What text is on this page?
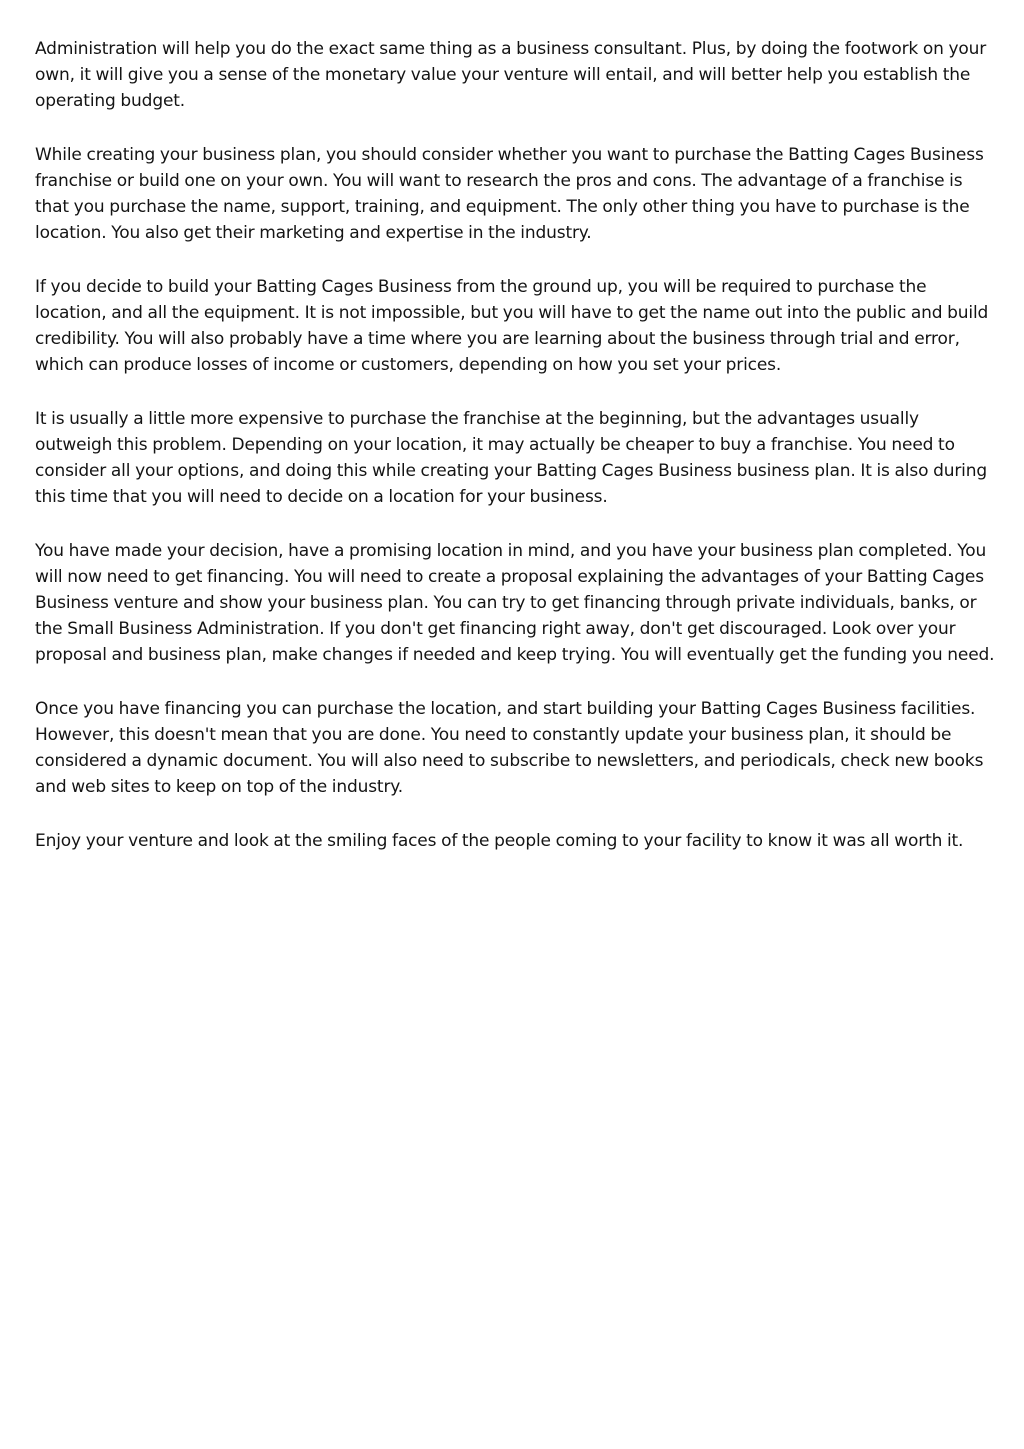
Administration will help you do the exact same thing as a business consultant. Plus, by doing the footwork on your own, it will give you a sense of the monetary value your venture will entail, and will better help you establish the operating budget.

While creating your business plan, you should consider whether you want to purchase the Batting Cages Business franchise or build one on your own. You will want to research the pros and cons. The advantage of a franchise is that you purchase the name, support, training, and equipment. The only other thing you have to purchase is the location. You also get their marketing and expertise in the industry.

If you decide to build your Batting Cages Business from the ground up, you will be required to purchase the location, and all the equipment. It is not impossible, but you will have to get the name out into the public and build credibility. You will also probably have a time where you are learning about the business through trial and error, which can produce losses of income or customers, depending on how you set your prices.

It is usually a little more expensive to purchase the franchise at the beginning, but the advantages usually outweigh this problem. Depending on your location, it may actually be cheaper to buy a franchise. You need to consider all your options, and doing this while creating your Batting Cages Business business plan. It is also during this time that you will need to decide on a location for your business.

You have made your decision, have a promising location in mind, and you have your business plan completed. You will now need to get financing. You will need to create a proposal explaining the advantages of your Batting Cages Business venture and show your business plan. You can try to get financing through private individuals, banks, or the Small Business Administration. If you don't get financing right away, don't get discouraged. Look over your proposal and business plan, make changes if needed and keep trying. You will eventually get the funding you need.

Once you have financing you can purchase the location, and start building your Batting Cages Business facilities. However, this doesn't mean that you are done. You need to constantly update your business plan, it should be considered a dynamic document. You will also need to subscribe to newsletters, and periodicals, check new books and web sites to keep on top of the industry.

Enjoy your venture and look at the smiling faces of the people coming to your facility to know it was all worth it.
